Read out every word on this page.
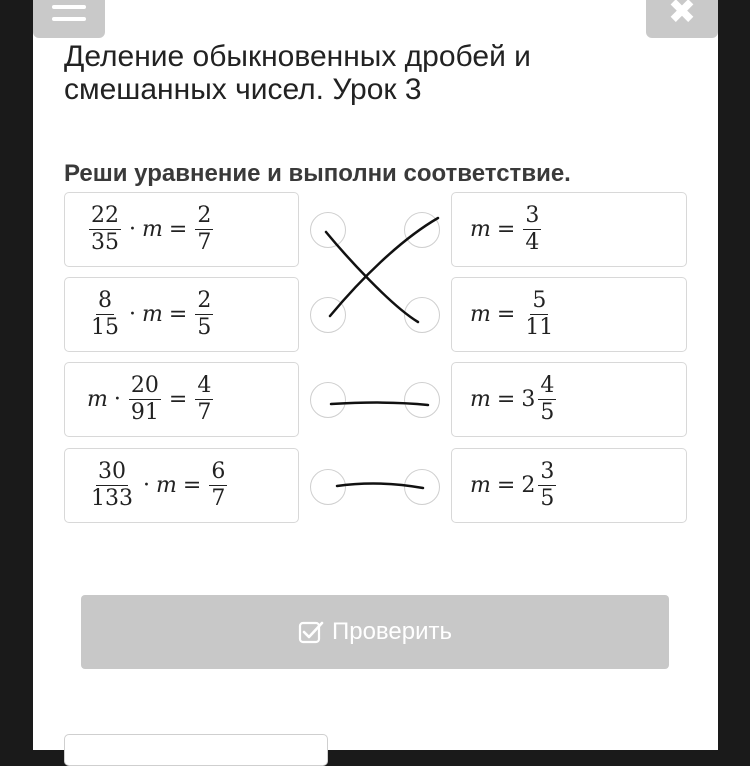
✖
Деление обыкновенных дробей и смешанных чисел. Урок 3
Реши уравнение и выполни соответствие.
$\frac{22}{35} \cdot m = \frac{2}{7}$
$\frac{8}{15} \cdot m = \frac{2}{5}$
$m \cdot \frac{20}{91} = \frac{4}{7}$
$\frac{30}{133} \cdot m = \frac{6}{7}$
$m = \frac{3}{4}$
$m = \frac{5}{11}$
$m = 3 \frac{4}{5}$
$m = 2 \frac{3}{5}$
Проверить
